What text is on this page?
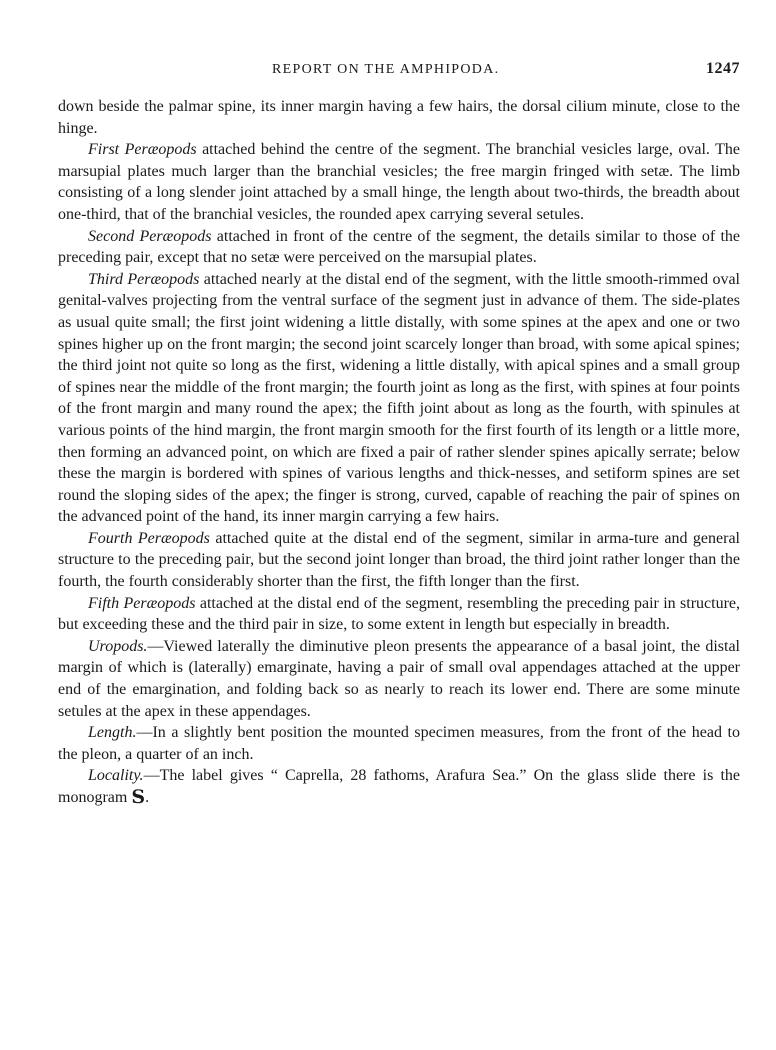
REPORT ON THE AMPHIPODA.	1247

down beside the palmar spine, its inner margin having a few hairs, the dorsal cilium minute, close to the hinge.

First Peræopods attached behind the centre of the segment. The branchial vesicles large, oval. The marsupial plates much larger than the branchial vesicles; the free margin fringed with setæ. The limb consisting of a long slender joint attached by a small hinge, the length about two-thirds, the breadth about one-third, that of the branchial vesicles, the rounded apex carrying several setules.

Second Peræopods attached in front of the centre of the segment, the details similar to those of the preceding pair, except that no setæ were perceived on the marsupial plates.

Third Peræopods attached nearly at the distal end of the segment, with the little smooth-rimmed oval genital-valves projecting from the ventral surface of the segment just in advance of them. The side-plates as usual quite small; the first joint widening a little distally, with some spines at the apex and one or two spines higher up on the front margin; the second joint scarcely longer than broad, with some apical spines; the third joint not quite so long as the first, widening a little distally, with apical spines and a small group of spines near the middle of the front margin; the fourth joint as long as the first, with spines at four points of the front margin and many round the apex; the fifth joint about as long as the fourth, with spinules at various points of the hind margin, the front margin smooth for the first fourth of its length or a little more, then forming an advanced point, on which are fixed a pair of rather slender spines apically serrate; below these the margin is bordered with spines of various lengths and thick-nesses, and setiform spines are set round the sloping sides of the apex; the finger is strong, curved, capable of reaching the pair of spines on the advanced point of the hand, its inner margin carrying a few hairs.

Fourth Peræopods attached quite at the distal end of the segment, similar in arma-ture and general structure to the preceding pair, but the second joint longer than broad, the third joint rather longer than the fourth, the fourth considerably shorter than the first, the fifth longer than the first.

Fifth Peræopods attached at the distal end of the segment, resembling the preceding pair in structure, but exceeding these and the third pair in size, to some extent in length but especially in breadth.

Uropods.—Viewed laterally the diminutive pleon presents the appearance of a basal joint, the distal margin of which is (laterally) emarginate, having a pair of small oval appendages attached at the upper end of the emargination, and folding back so as nearly to reach its lower end. There are some minute setules at the apex in these appendages.

Length.—In a slightly bent position the mounted specimen measures, from the front of the head to the pleon, a quarter of an inch.

Locality.—The label gives “ Caprella, 28 fathoms, Arafura Sea.” On the glass slide there is the monogram S.
